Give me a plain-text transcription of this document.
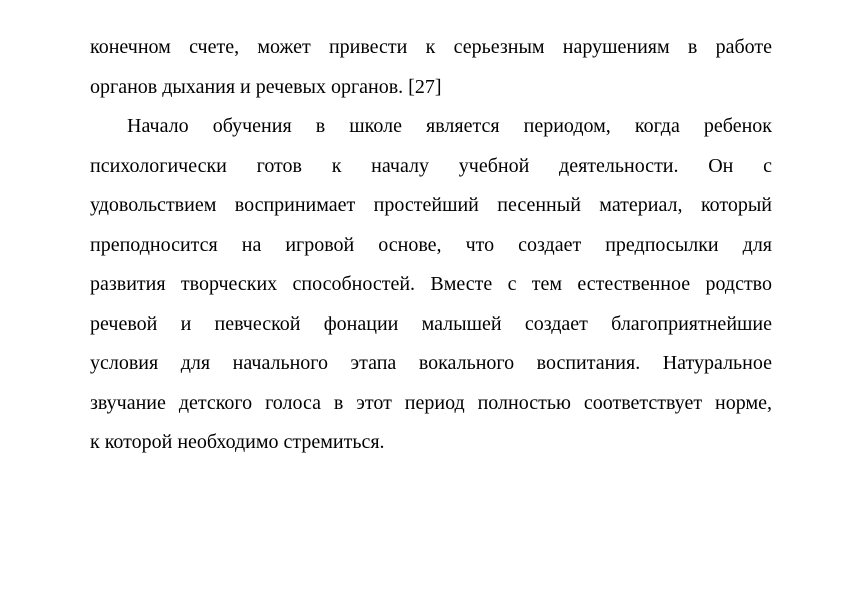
конечном счете, может привести к серьезным нарушениям в работе
органов дыхания и речевых органов. [27]
Начало обучения в школе является периодом, когда ребенок
психологически готов к началу учебной деятельности. Он с
удовольствием воспринимает простейший песенный материал, который
преподносится на игровой основе, что создает предпосылки для
развития творческих способностей. Вместе с тем естественное родство
речевой и певческой фонации малышей создает благоприятнейшие
условия для начального этапа вокального воспитания. Натуральное
звучание детского голоса в этот период полностью соответствует норме,
к которой необходимо стремиться.
